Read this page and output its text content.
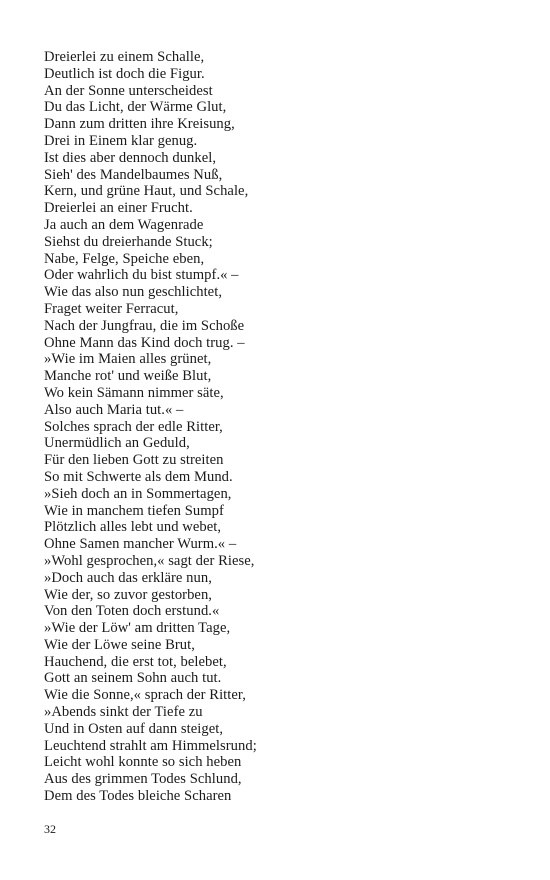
Dreierlei zu einem Schalle,
Deutlich ist doch die Figur.
An der Sonne unterscheidest
Du das Licht, der Wärme Glut,
Dann zum dritten ihre Kreisung,
Drei in Einem klar genug.
Ist dies aber dennoch dunkel,
Sieh' des Mandelbaumes Nuß,
Kern, und grüne Haut, und Schale,
Dreierlei an einer Frucht.
Ja auch an dem Wagenrade
Siehst du dreierhande Stuck;
Nabe, Felge, Speiche eben,
Oder wahrlich du bist stumpf.« –
Wie das also nun geschlichtet,
Fraget weiter Ferracut,
Nach der Jungfrau, die im Schoße
Ohne Mann das Kind doch trug. –
»Wie im Maien alles grünet,
Manche rot' und weiße Blut,
Wo kein Sämann nimmer säte,
Also auch Maria tut.« –
Solches sprach der edle Ritter,
Unermüdlich an Geduld,
Für den lieben Gott zu streiten
So mit Schwerte als dem Mund.
»Sieh doch an in Sommertagen,
Wie in manchem tiefen Sumpf
Plötzlich alles lebt und webet,
Ohne Samen mancher Wurm.« –
»Wohl gesprochen,« sagt der Riese,
»Doch auch das erkläre nun,
Wie der, so zuvor gestorben,
Von den Toten doch erstund.«
»Wie der Löw' am dritten Tage,
Wie der Löwe seine Brut,
Hauchend, die erst tot, belebet,
Gott an seinem Sohn auch tut.
Wie die Sonne,« sprach der Ritter,
»Abends sinkt der Tiefe zu
Und in Osten auf dann steiget,
Leuchtend strahlt am Himmelsrund;
Leicht wohl konnte so sich heben
Aus des grimmen Todes Schlund,
Dem des Todes bleiche Scharen
32
